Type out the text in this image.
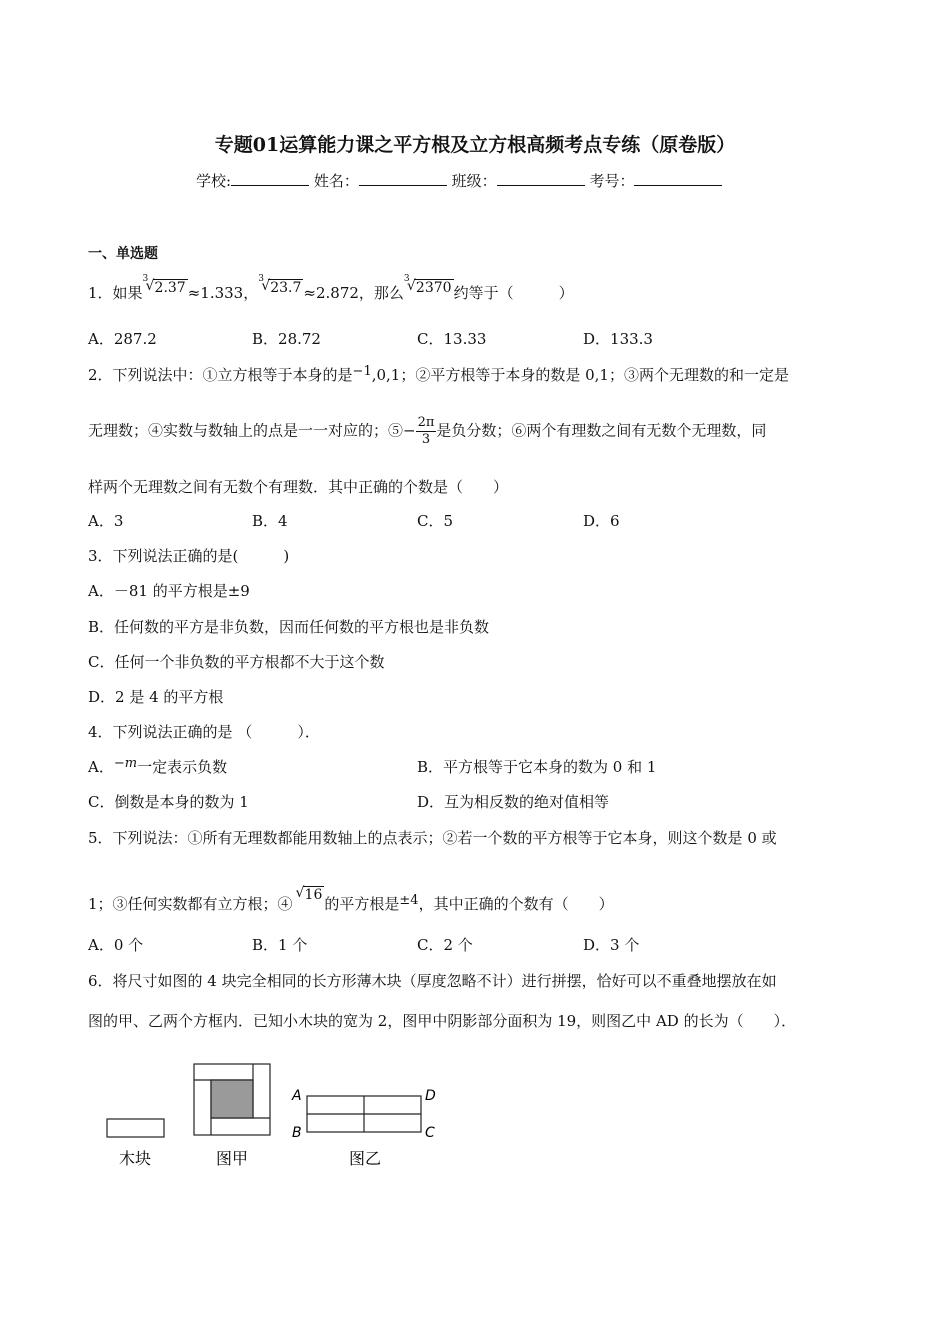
专题01运算能力课之平方根及立方根高频考点专练（原卷版）
学校:	姓名：	班级：	考号：
一、单选题
1．如果
3
√ 2.37 ≈1.333，
3
√ 23.7 ≈2.872，那么
3
√ 2370 约等于（　　　）
A．287.2	B．28.72	C．13.33	D．133.3
2．下列说法中：①立方根等于本身的是−1,0,1；②平方根等于本身的数是 0,1；③两个无理数的和一定是
无理数；④实数与数轴上的点是一一对应的；⑤− $\frac{2\pi}{3}$ 是负分数；⑥两个有理数之间有无数个无理数，同
样两个无理数之间有无数个有理数．其中正确的个数是（　　）
A．3	B．4	C．5	D．6
3．下列说法正确的是(　　　)
A．－81 的平方根是±9
B．任何数的平方是非负数，因而任何数的平方根也是非负数
C．任何一个非负数的平方根都不大于这个数
D．2 是 4 的平方根
4．下列说法正确的是 （　　　）．
A．−m一定表示负数	B．平方根等于它本身的数为 0 和 1
C．倒数是本身的数为 1	D．互为相反数的绝对值相等
5．下列说法：①所有无理数都能用数轴上的点表示；②若一个数的平方根等于它本身，则这个数是 0 或
1；③任何实数都有立方根；④
√ 16 的平方根是±4，其中正确的个数有（　　）
A．0 个	B．1 个	C．2 个	D．3 个
6．将尺寸如图的 4 块完全相同的长方形薄木块（厚度忽略不计）进行拼摆，恰好可以不重叠地摆放在如
图的甲、乙两个方框内．已知小木块的宽为 2，图甲中阴影部分面积为 19，则图乙中 AD 的长为（　　）．
木块	图甲
A
B
D
C
图乙
